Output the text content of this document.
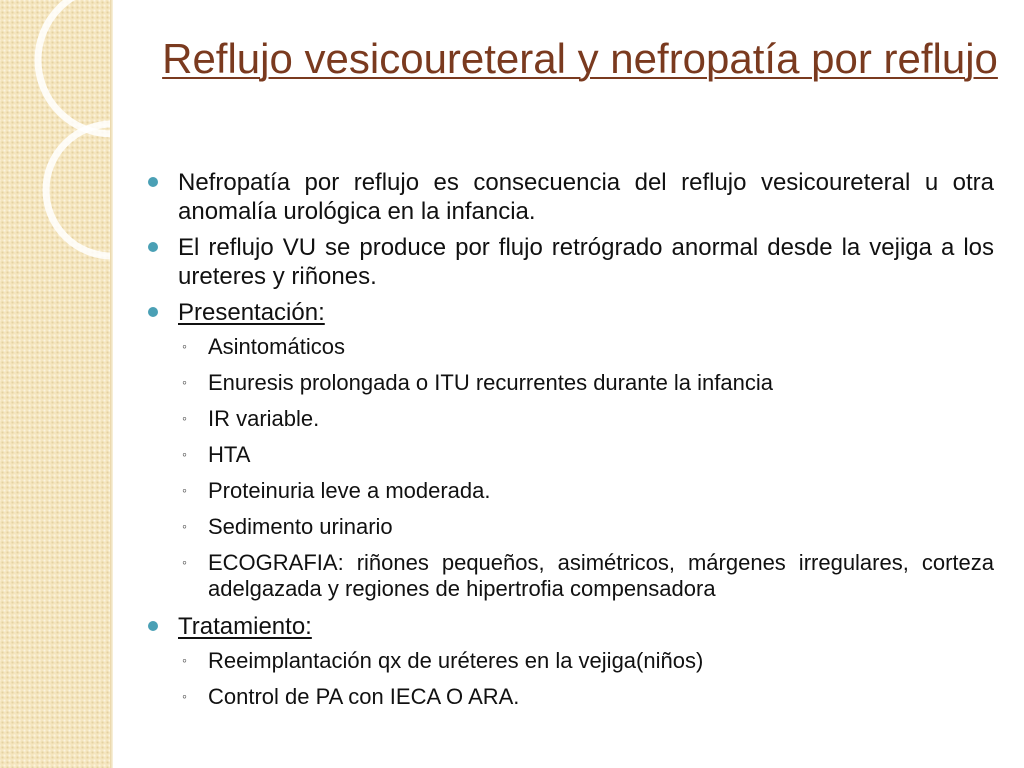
Reflujo vesicoureteral y nefropatía por reflujo
Nefropatía por reflujo es consecuencia del reflujo vesicoureteral u otra anomalía urológica en la infancia.
El reflujo VU se produce por flujo retrógrado anormal desde la vejiga a los ureteres y riñones.
Presentación:
◦ Asintomáticos
◦ Enuresis prolongada o ITU recurrentes durante la infancia
◦ IR variable.
◦ HTA
◦ Proteinuria leve a moderada.
◦ Sedimento urinario
◦ ECOGRAFIA: riñones pequeños, asimétricos, márgenes irregulares, corteza adelgazada y regiones de hipertrofia compensadora
Tratamiento:
◦ Reeimplantación qx de uréteres en la vejiga(niños)
◦ Control de PA con IECA O ARA.
